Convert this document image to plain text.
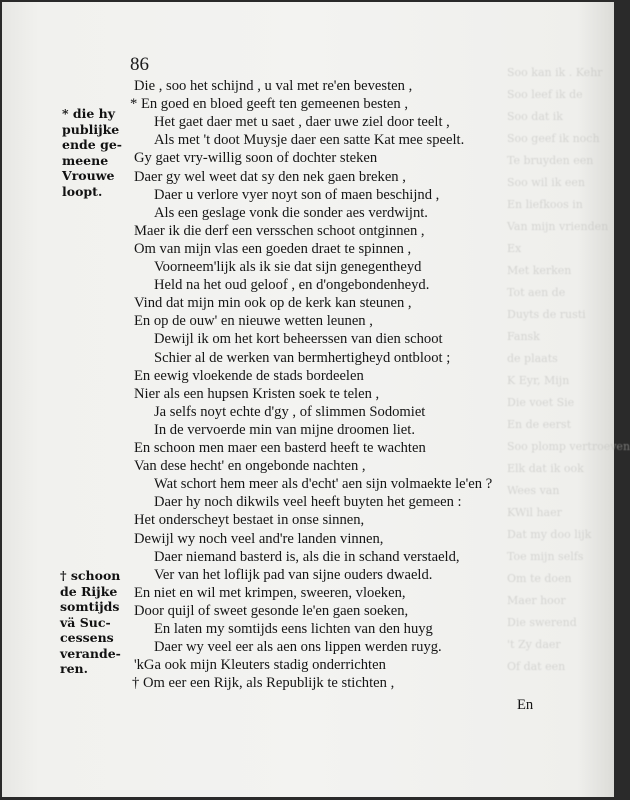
Soo kan ik . Kehr
Soo leef ik de
Soo dat ik
Soo geef ik noch
Te bruyden een
Soo wil ik een
En liefkoos in
Van mijn vrienden
Ex
Met kerken
Tot aen de
Duyts de rusti
Fansk
de plaats
K Eyr, Mijn
Die voet Sie
En de eerst
Soo plomp vertroeven
Elk dat ik ook
Wees van
KWil haer
Dat my doo lijk
Toe mijn selfs
Om te doen
Maer hoor
Die swerend
't Zy daer
Of dat een
86
* die hy
publijke
ende ge-
meene
Vrouwe
loopt.
† schoon
de Rijke
somtijds
vä Suc-
cessens
verande-
ren.
Die , soo het schijnd , u val met re'en bevesten ,
* En goed en bloed geeft ten gemeenen besten ,
Het gaet daer met u saet , daer uwe ziel door teelt ,
Als met 't doot Muysje daer een satte Kat mee speelt.
Gy gaet vry-willig soon of dochter steken
Daer gy wel weet dat sy den nek gaen breken ,
Daer u verlore vyer noyt son of maen beschijnd ,
Als een geslage vonk die sonder aes verdwijnt.
Maer ik die derf een versschen schoot ontginnen ,
Om van mijn vlas een goeden draet te spinnen ,
Voorneem'lijk als ik sie dat sijn genegentheyd
Held na het oud geloof , en d'ongebondenheyd.
Vind dat mijn min ook op de kerk kan steunen ,
En op de ouw' en nieuwe wetten leunen ,
Dewijl ik om het kort beheerssen van dien schoot
Schier al de werken van bermhertigheyd ontbloot ;
En eewig vloekende de stads bordeelen
Nier als een hupsen Kristen soek te telen ,
Ja selfs noyt echte d'gy , of slimmen Sodomiet
In de vervoerde min van mijne droomen liet.
En schoon men maer een basterd heeft te wachten
Van dese hecht' en ongebonde nachten ,
Wat schort hem meer als d'echt' aen sijn volmaekte le'en ?
Daer hy noch dikwils veel heeft buyten het gemeen :
Het onderscheyt bestaet in onse sinnen,
Dewijl wy noch veel and're landen vinnen,
Daer niemand basterd is, als die in schand verstaeld,
Ver van het loflijk pad van sijne ouders dwaeld.
En niet en wil met krimpen, sweeren, vloeken,
Door quijl of sweet gesonde le'en gaen soeken,
En laten my somtijds eens lichten van den huyg
Daer wy veel eer als aen ons lippen werden ruyg.
'kGa ook mijn Kleuters stadig onderrichten
† Om eer een Rijk, als Republijk te stichten ,
En
